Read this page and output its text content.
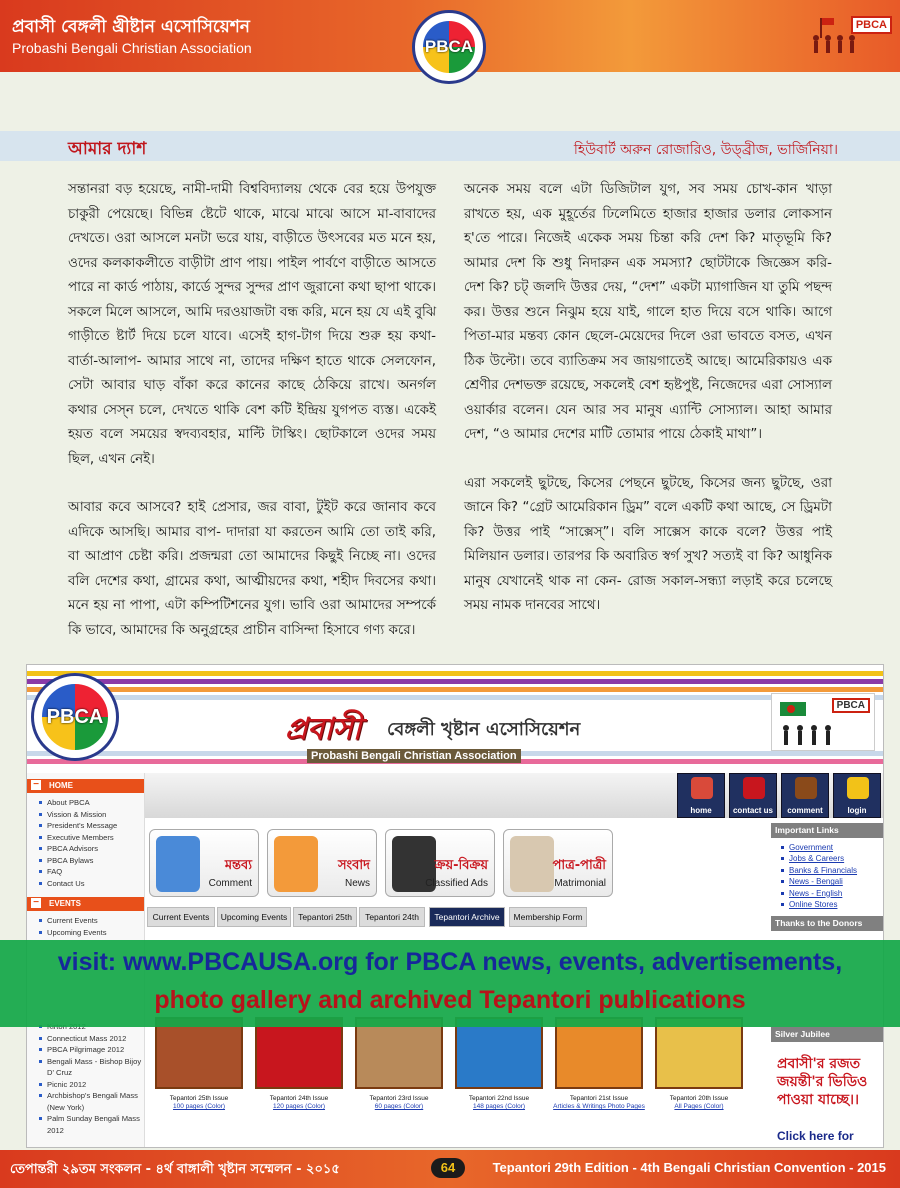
প্রবাসী বেঙ্গলী খ্রীষ্টান এসোসিয়েশন
Probashi Bengali Christian Association	PBCA
PBCA
আমার দ্যাশ	হিউবার্ট অরুন রোজারিও, উড্‌ব্রীজ, ভার্জিনিয়া।

সন্তানরা বড় হয়েছে, নামী-দামী বিশ্ববিদ্যালয় থেকে বের হয়ে উপযুক্ত চাকুরী পেয়েছে। বিভিন্ন ষ্টেটে থাকে, মাঝে মাঝে আসে মা-বাবাদের দেখতে। ওরা আসলে মনটা ভরে যায়, বাড়ীতে উৎসবের মত মনে হয়, ওদের কলকাকলীতে বাড়ীটা প্রাণ পায়। পাইল পার্বণে বাড়ীতে আসতে পারে না কার্ড পাঠায়, কার্ডে সুন্দর সুন্দর প্রাণ জুরানো কথা ছাপা থাকে। সকলে মিলে আসলে, আমি দরওয়াজটা বন্ধ করি, মনে হয় যে এই বুঝি গাড়ীতে ষ্টার্ট দিয়ে চলে যাবে। এসেই হাগ-টাগ দিয়ে শুরু হয় কথা-বার্তা-আলাপ- আমার সাথে না, তাদের দক্ষিণ হাতে থাকে সেলফোন, সেটা আবার ঘাড় বাঁকা করে কানের কাছে ঠেকিয়ে রাখে। অনর্গল কথার সেস্‌ন চলে, দেখতে থাকি বেশ কটি ইন্দ্রিয় যুগপত ব্যস্ত। একেই হয়ত বলে সময়ের স্বদব্যবহার, মাল্টি টাস্কিং। ছোটকালে ওদের সময় ছিল, এখন নেই।

আবার কবে আসবে? হাই প্রেসার, জর বাবা, টুইট করে জানাব কবে এদিকে আসছি। আমার বাপ- দাদারা যা করতেন আমি তো তাই করি, বা আপ্রাণ চেষ্টা করি। প্রজন্মরা তো আমাদের কিছুই নিচ্ছে না। ওদের বলি দেশের কথা, গ্রামের কথা, আত্মীয়দের কথা, শহীদ দিবসের কথা। মনে হয় না পাপা, এটা কম্পিটিশনের যুগ। ভাবি ওরা আমাদের সম্পর্কে কি ভাবে, আমাদের কি অনুগ্রহের প্রাচীন বাসিন্দা হিসাবে গণ্য করে।

অনেক সময় বলে এটা ডিজিটাল যুগ, সব সময় চোখ-কান খাড়া রাখতে হয়, এক মুহূর্তের ঢিলেমিতে হাজার হাজার ডলার লোকসান হ'তে পারে। নিজেই একেক সময় চিন্তা করি দেশ কি? মাতৃভূমি কি? আমার দেশ কি শুধু নিদারুন এক সমস্যা? ছোটটাকে জিজ্ঞেস করি- দেশ কি? চট্‌ জলদি উত্তর দেয়, “দেশ” একটা ম্যাগাজিন যা তুমি পছন্দ কর। উত্তর শুনে নিঝুম হয়ে যাই, গালে হাত দিয়ে বসে থাকি। আগে পিতা-মার মন্তব্য কোন ছেলে-মেয়েদের দিলে ওরা ভাবতে বসত, এখন ঠিক উল্টো। তবে ব্যাতিক্রম সব জায়গাতেই আছে। আমেরিকায়ও এক শ্রেণীর দেশভক্ত রয়েছে, সকলেই বেশ হৃষ্টপুষ্ট, নিজেদের এরা সোস্যাল ওয়ার্কার বলেন। যেন আর সব মানুষ এ্যান্টি সোস্যাল। আহা আমার দেশ, “ও আমার দেশের মাটি তোমার পায়ে ঠেকাই মাথা”।

এরা সকলেই ছুটছে, কিসের পেছনে ছুটছে, কিসের জন্য ছুটছে, ওরা জানে কি? “গ্রেট আমেরিকান ড্রিম” বলে একটি কথা আছে, সে ড্রিমটা কি? উত্তর পাই “সাক্সেস্‌”। বলি সাক্সেস কাকে বলে? উত্তর পাই মিলিয়ান ডলার। তারপর কি অবারিত স্বর্গ সুখ? সত্যই বা কি? আধুনিক মানুষ যেখানেই থাক না কেন- রোজ সকাল-সন্ধ্যা লড়াই করে চলেছে সময় নামক দানবের সাথে।

PBCA	প্রবাসী বেঙ্গলী খৃষ্টান এসোসিয়েশন
Probashi Bengali Christian Association
PBCA
home	contact us	comment	login
− HOME
About PBCA
Vission & Mission
President's Message
Executive Members
PBCA Advisors
PBCA Bylaws
FAQ
Contact Us
− EVENTS
Current Events
Upcoming Events
Connecticut Mass 2012
PBCA Pilgrimage 2012
Bengali Mass - Bishop Bijoy D' Cruz
Picnic 2012
Archbishop's Bengali Mass (New York)
Palm Sunday Bengali Mass 2012
মন্তব্য
Comment
সংবাদ
News
ক্রয়-বিক্রয়
Classified Ads
পাত্র-পাত্রী
Matrimonial
Current Events	Upcoming Events	Tepantori 25th	Tepantori 24th	Tepantori Archive	Membership Form
Important Links
Government
Jobs & Careers
Banks & Financials
News - Bengali
News - English
Online Stores
Thanks to the Donors
Silver Jubilee
প্রবাসী'র রজত জয়ন্তী'র ভিডিও পাওয়া যাচ্ছে।।
Click here for
Tepantori 25th Issue
100 pages (Color)
Tepantori 24th Issue
120 pages (Color)
Tepantori 23rd Issue
60 pages (Color)
Tepantori 22nd Issue
148 pages (Color)
Tepantori 21st Issue
Articles & Writings Photo Pages
Tepantori 20th Issue
All Pages (Color)
visit: www.PBCAUSA.org for PBCA news, events, advertisements,
photo gallery and archived Tepantori publications
তেপান্তরী ২৯তম সংকলন - ৪র্থ বাঙ্গালী খৃষ্টান সম্মেলন - ২০১৫	64	Tepantori 29th Edition - 4th Bengali Christian Convention - 2015
